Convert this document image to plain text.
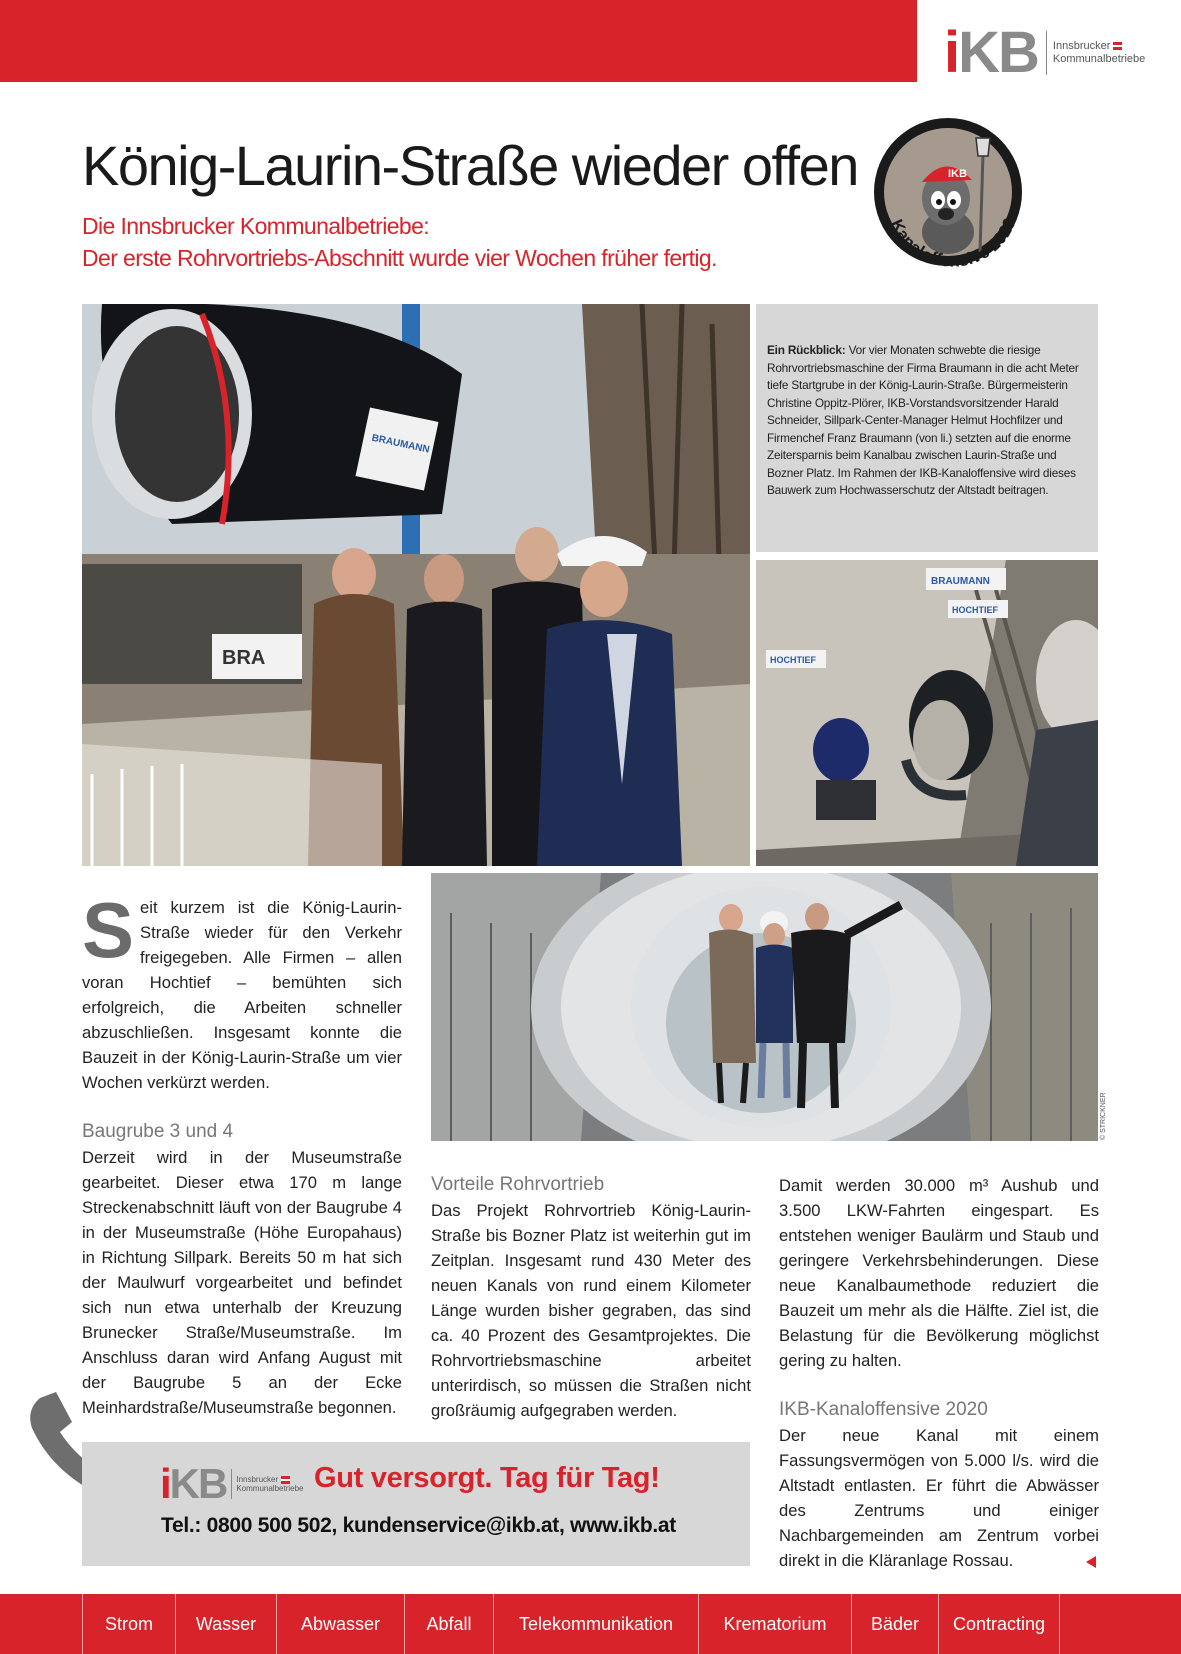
iKB Innsbrucker
Kommunalbetriebe
König-Laurin-Straße wieder offen
Die Innsbrucker Kommunalbetriebe:
Der erste Rohrvortriebs-Abschnitt wurde vier Wochen früher fertig.
IKB
Kanaloffensive 2020
BRAUMANN
BRA

Ein Rückblick: Vor vier Monaten schwebte die riesige Rohrvortriebsmaschine der Firma Braumann in die acht Meter tiefe Startgrube in der König-Laurin-Straße. Bürgermeisterin Christine Oppitz-Plörer, IKB-Vorstandsvorsitzender Harald Schneider, Sillpark-Center-Manager Helmut Hochfilzer und Firmenchef Franz Braumann (von li.) setzten auf die enorme Zeitersparnis beim Kanalbau zwischen Laurin-Straße und Bozner Platz. Im Rahmen der IKB-Kanaloffensive wird dieses Bauwerk zum Hochwasserschutz der Altstadt beitragen.

BRAUMANN
HOCHTIEF
HOCHTIEF
© STRICKNER

Seit kurzem ist die König-Laurin-Straße wieder für den Verkehr freigegeben. Alle Firmen – allen voran Hochtief – bemühten sich erfolgreich, die Arbeiten schneller abzuschließen. Insgesamt konnte die Bauzeit in der König-Laurin-Straße um vier Wochen verkürzt werden.

Baugrube 3 und 4

Derzeit wird in der Museumstraße gearbeitet. Dieser etwa 170 m lange Streckenabschnitt läuft von der Baugrube 4 in der Museumstraße (Höhe Europahaus) in Richtung Sillpark. Bereits 50 m hat sich der Maulwurf vorgearbeitet und befindet sich nun etwa unterhalb der Kreuzung Brunecker Straße/Museumstraße. Im Anschluss daran wird Anfang August mit der Baugrube 5 an der Ecke Meinhardstraße/Museumstraße begonnen.

Vorteile Rohrvortrieb

Das Projekt Rohrvortrieb König-Laurin-Straße bis Bozner Platz ist weiterhin gut im Zeitplan. Insgesamt rund 430 Meter des neuen Kanals von rund einem Kilometer Länge wurden bisher gegraben, das sind ca. 40 Prozent des Gesamtprojektes. Die Rohrvortriebsmaschine arbeitet unterirdisch, so müssen die Straßen nicht großräumig aufgegraben werden.

Damit werden 30.000 m³ Aushub und 3.500 LKW-Fahrten eingespart. Es entstehen weniger Baulärm und Staub und geringere Verkehrsbehinderungen. Diese neue Kanalbaumethode reduziert die Bauzeit um mehr als die Hälfte. Ziel ist, die Belastung für die Bevölkerung möglichst gering zu halten.

IKB-Kanaloffensive 2020

Der neue Kanal mit einem Fassungsvermögen von 5.000 l/s. wird die Altstadt entlasten. Er führt die Abwässer des Zentrums und einiger Nachbargemeinden am Zentrum vorbei direkt in die Kläranlage Rossau.

iKB Innsbrucker
Kommunalbetriebe Gut versorgt. Tag für Tag!
Tel.: 0800 500 502, kundenservice@ikb.at, www.ikb.at
Strom	Wasser	Abwasser	Abfall	Telekommunikation	Krematorium	Bäder	Contracting
